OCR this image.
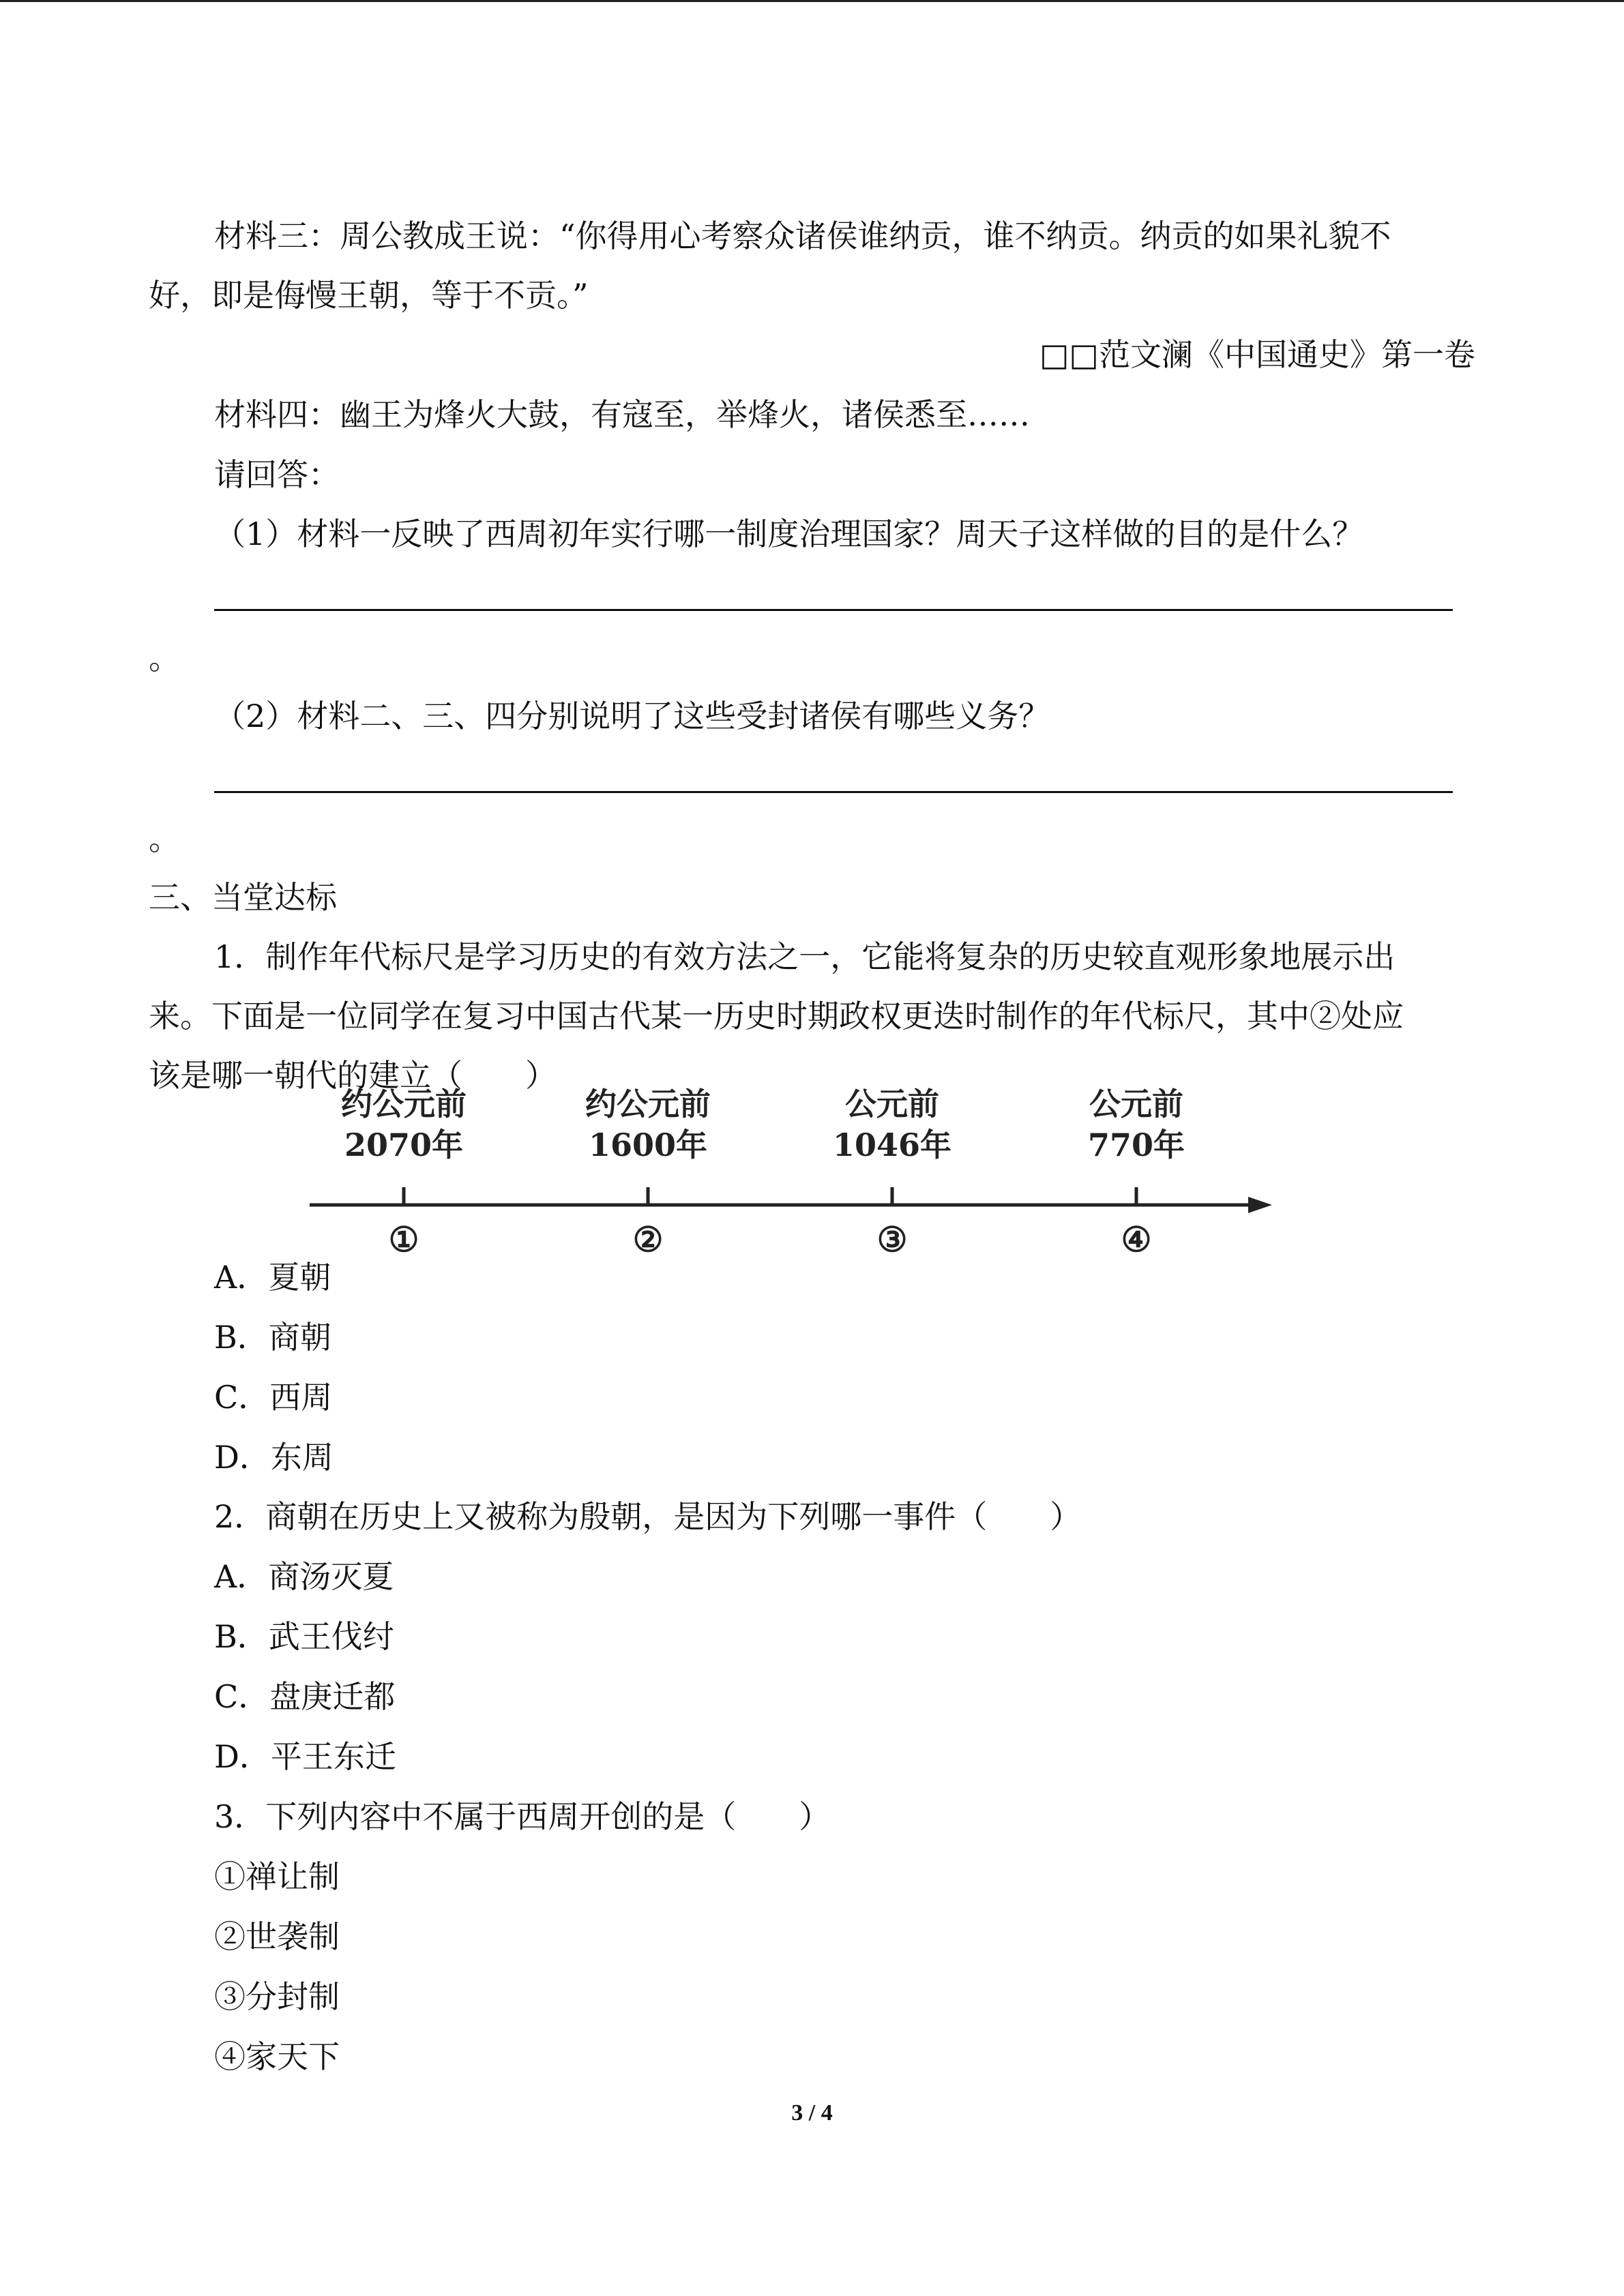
材料三：周公教成王说：“你得用心考察众诸侯谁纳贡，谁不纳贡。纳贡的如果礼貌不
好，即是侮慢王朝，等于不贡。”
□□范文澜《中国通史》第一卷
材料四：幽王为烽火大鼓，有寇至，举烽火，诸侯悉至……
请回答：
（1）材料一反映了西周初年实行哪一制度治理国家？周天子这样做的目的是什么？
。
（2）材料二、三、四分别说明了这些受封诸侯有哪些义务？
。
三、当堂达标
1．制作年代标尺是学习历史的有效方法之一，它能将复杂的历史较直观形象地展示出
来。下面是一位同学在复习中国古代某一历史时期政权更迭时制作的年代标尺，其中②处应
该是哪一朝代的建立（　　）
约公元前
2070年
①
约公元前
1600年
②
公元前
1046年
③
公元前
770年
④
A．夏朝
B．商朝
C．西周
D．东周
2．商朝在历史上又被称为殷朝，是因为下列哪一事件（　　）
A．商汤灭夏
B．武王伐纣
C．盘庚迁都
D．平王东迁
3．下列内容中不属于西周开创的是（　　）
①禅让制
②世袭制
③分封制
④家天下
3 / 4
